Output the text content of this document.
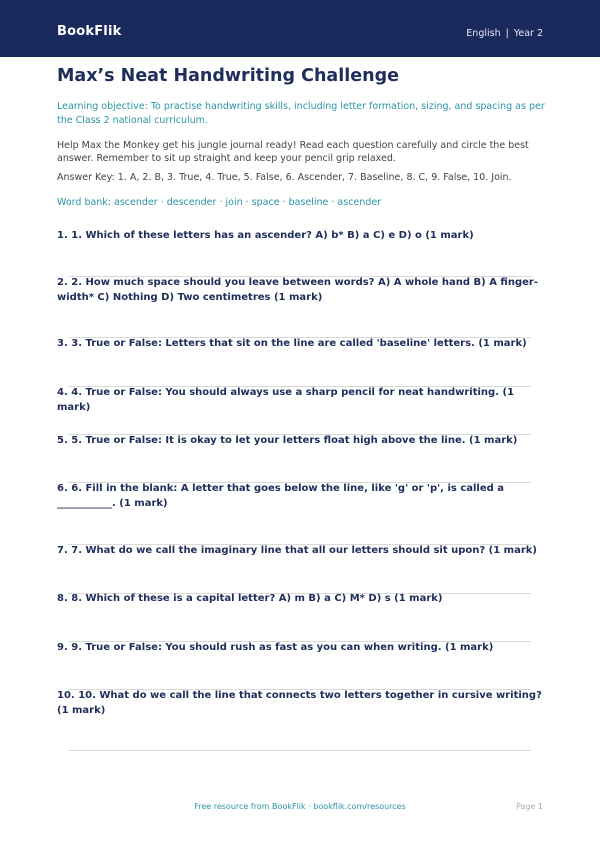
BookFlik	English | Year 2
Max’s Neat Handwriting Challenge
Learning objective: To practise handwriting skills, including letter formation, sizing, and spacing as per the Class 2 national curriculum.
Help Max the Monkey get his jungle journal ready! Read each question carefully and circle the best answer. Remember to sit up straight and keep your pencil grip relaxed.
Answer Key: 1. A, 2. B, 3. True, 4. True, 5. False, 6. Ascender, 7. Baseline, 8. C, 9. False, 10. Join.
Word bank: ascender · descender · join · space · baseline · ascender
1. 1. Which of these letters has an ascender? A) b* B) a C) e D) o (1 mark)
2. 2. How much space should you leave between words? A) A whole hand B) A finger-width* C) Nothing D) Two centimetres (1 mark)
3. 3. True or False: Letters that sit on the line are called 'baseline' letters. (1 mark)
4. 4. True or False: You should always use a sharp pencil for neat handwriting. (1 mark)
5. 5. True or False: It is okay to let your letters float high above the line. (1 mark)
6. 6. Fill in the blank: A letter that goes below the line, like 'g' or 'p', is called a ___________. (1 mark)
7. 7. What do we call the imaginary line that all our letters should sit upon? (1 mark)
8. 8. Which of these is a capital letter? A) m B) a C) M* D) s (1 mark)
9. 9. True or False: You should rush as fast as you can when writing. (1 mark)
10. 10. What do we call the line that connects two letters together in cursive writing? (1 mark)
Free resource from BookFlik · bookflik.com/resources	Page 1
